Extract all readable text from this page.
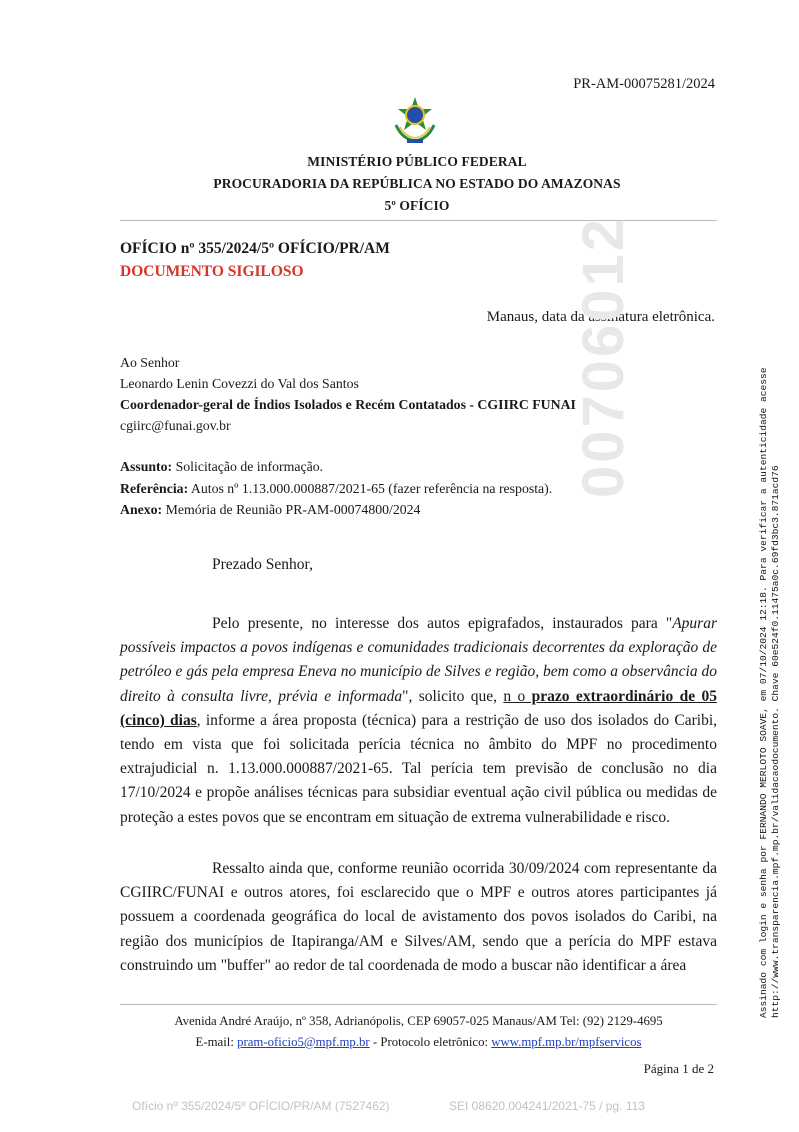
PR-AM-00075281/2024
MINISTÉRIO PÚBLICO FEDERAL
PROCURADORIA DA REPÚBLICA NO ESTADO DO AMAZONAS
5º OFÍCIO
OFÍCIO nº 355/2024/5º OFÍCIO/PR/AM
DOCUMENTO SIGILOSO
Manaus, data da assinatura eletrônica.
Ao Senhor
Leonardo Lenin Covezzi do Val dos Santos
Coordenador-geral de Índios Isolados e Recém Contatados - CGIIRC FUNAI
cgiirc@funai.gov.br
Assunto: Solicitação de informação.
Referência: Autos nº 1.13.000.000887/2021-65 (fazer referência na resposta).
Anexo: Memória de Reunião PR-AM-00074800/2024
Prezado Senhor,
Pelo presente, no interesse dos autos epigrafados, instaurados para "Apurar possíveis impactos a povos indígenas e comunidades tradicionais decorrentes da exploração de petróleo e gás pela empresa Eneva no município de Silves e região, bem como a observância do direito à consulta livre, prévia e informada", solicito que, n o prazo extraordinário de 05 (cinco) dias, informe a área proposta (técnica) para a restrição de uso dos isolados do Caribi, tendo em vista que foi solicitada perícia técnica no âmbito do MPF no procedimento extrajudicial n. 1.13.000.000887/2021-65. Tal perícia tem previsão de conclusão no dia 17/10/2024 e propõe análises técnicas para subsidiar eventual ação civil pública ou medidas de proteção a estes povos que se encontram em situação de extrema vulnerabilidade e risco.
Ressalto ainda que, conforme reunião ocorrida 30/09/2024 com representante da CGIIRC/FUNAI e outros atores, foi esclarecido que o MPF e outros atores participantes já possuem a coordenada geográfica do local de avistamento dos povos isolados do Caribi, na região dos municípios de Itapiranga/AM e Silves/AM, sendo que a perícia do MPF estava construindo um "buffer" ao redor de tal coordenada de modo a buscar não identificar a área
Avenida André Araújo, nº 358, Adrianópolis, CEP 69057-025 Manaus/AM Tel: (92) 2129-4695
E-mail: pram-oficio5@mpf.mp.br - Protocolo eletrônico: www.mpf.mp.br/mpfservicos
Página 1 de 2
Ofício nº 355/2024/5º OFÍCIO/PR/AM (7527462)	SEI 08620.004241/2021-75 / pg. 113
00706012
Assinado com login e senha por FERNANDO MERLOTO SOAVE, em 07/10/2024 12:18. Para verificar a autenticidade acesse http://www.transparencia.mpf.mp.br/validacaodocumento. Chave 60e524f0.11475a0c.69fd3bc3.871acd76
